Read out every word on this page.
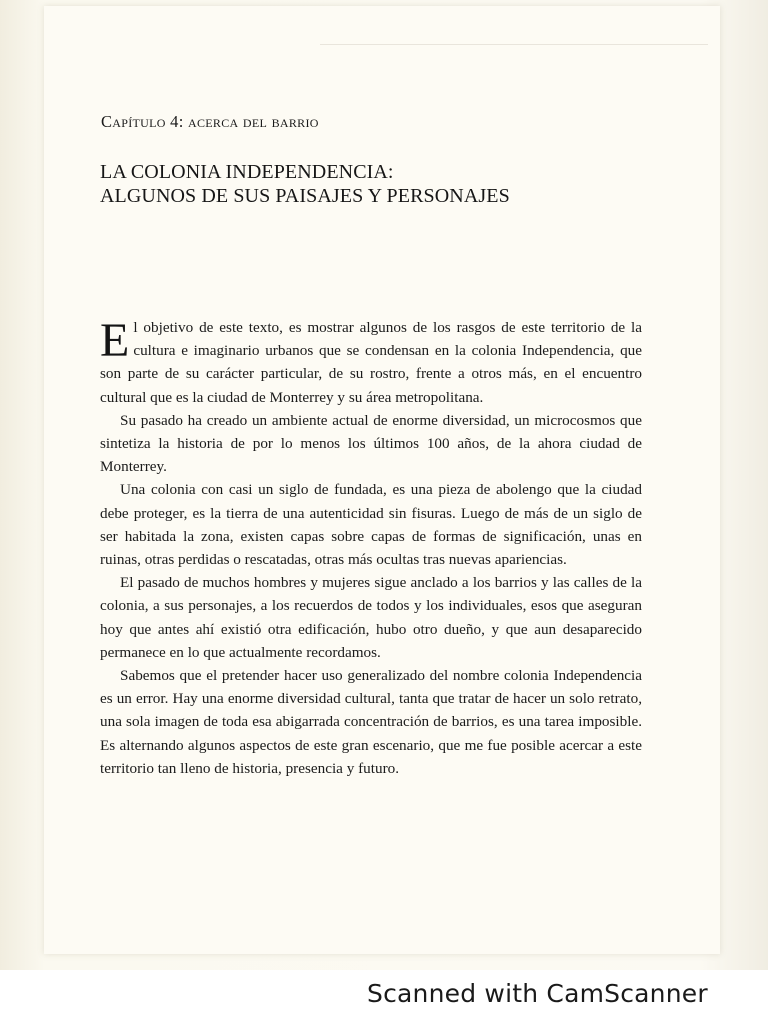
Capítulo 4: acerca del barrio
LA COLONIA INDEPENDENCIA:
ALGUNOS DE SUS PAISAJES Y PERSONAJES

El objetivo de este texto, es mostrar algunos de los rasgos de este territorio de la cultura e imaginario urbanos que se condensan en la colonia Independencia, que son parte de su carácter particular, de su rostro, frente a otros más, en el encuentro cultural que es la ciudad de Monterrey y su área metropolitana.

Su pasado ha creado un ambiente actual de enorme diversidad, un microcosmos que sintetiza la historia de por lo menos los últimos 100 años, de la ahora ciudad de Monterrey.

Una colonia con casi un siglo de fundada, es una pieza de abolengo que la ciudad debe proteger, es la tierra de una autenticidad sin fisuras. Luego de más de un siglo de ser habitada la zona, existen capas sobre capas de formas de significación, unas en ruinas, otras perdidas o rescatadas, otras más ocultas tras nuevas apariencias.

El pasado de muchos hombres y mujeres sigue anclado a los barrios y las calles de la colonia, a sus personajes, a los recuerdos de todos y los individuales, esos que aseguran hoy que antes ahí existió otra edificación, hubo otro dueño, y que aun desaparecido permanece en lo que actualmente recordamos.

Sabemos que el pretender hacer uso generalizado del nombre colonia Independencia es un error. Hay una enorme diversidad cultural, tanta que tratar de hacer un solo retrato, una sola imagen de toda esa abigarrada concentración de barrios, es una tarea imposible. Es alternando algunos aspectos de este gran escenario, que me fue posible acercar a este territorio tan lleno de historia, presencia y futuro.

Scanned with CamScanner
